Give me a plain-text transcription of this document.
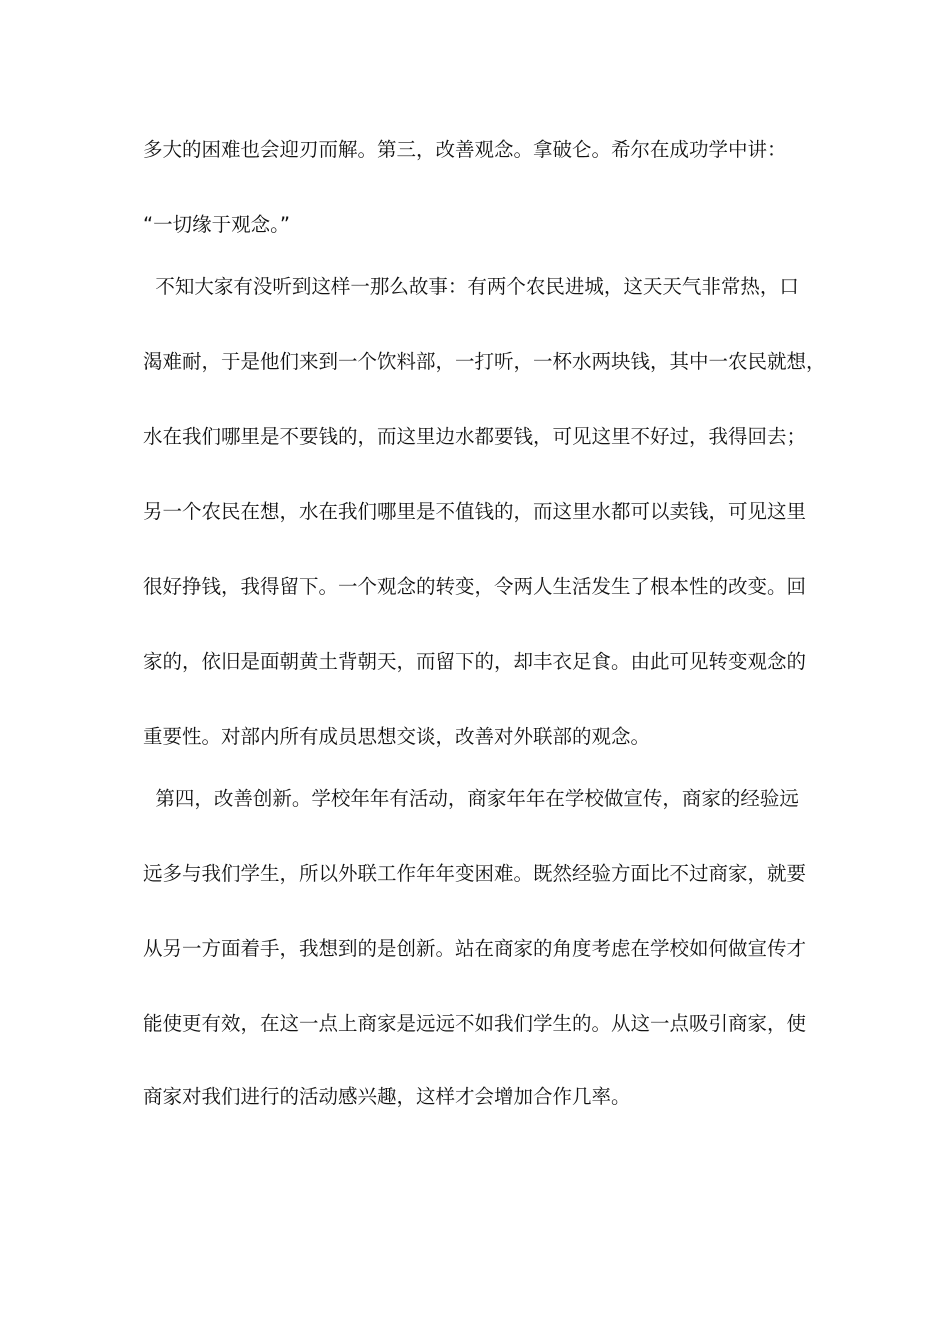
多大的困难也会迎刃而解。第三，改善观念。拿破仑。希尔在成功学中讲：
“一切缘于观念。”
不知大家有没听到这样一那么故事：有两个农民进城，这天天气非常热，口
渴难耐，于是他们来到一个饮料部，一打听，一杯水两块钱，其中一农民就想，
水在我们哪里是不要钱的，而这里边水都要钱，可见这里不好过，我得回去；
另一个农民在想，水在我们哪里是不值钱的，而这里水都可以卖钱，可见这里
很好挣钱，我得留下。一个观念的转变，令两人生活发生了根本性的改变。回
家的，依旧是面朝黄土背朝天，而留下的，却丰衣足食。由此可见转变观念的
重要性。对部内所有成员思想交谈，改善对外联部的观念。
第四，改善创新。学校年年有活动，商家年年在学校做宣传，商家的经验远
远多与我们学生，所以外联工作年年变困难。既然经验方面比不过商家，就要
从另一方面着手，我想到的是创新。站在商家的角度考虑在学校如何做宣传才
能使更有效，在这一点上商家是远远不如我们学生的。从这一点吸引商家，使
商家对我们进行的活动感兴趣，这样才会增加合作几率。
